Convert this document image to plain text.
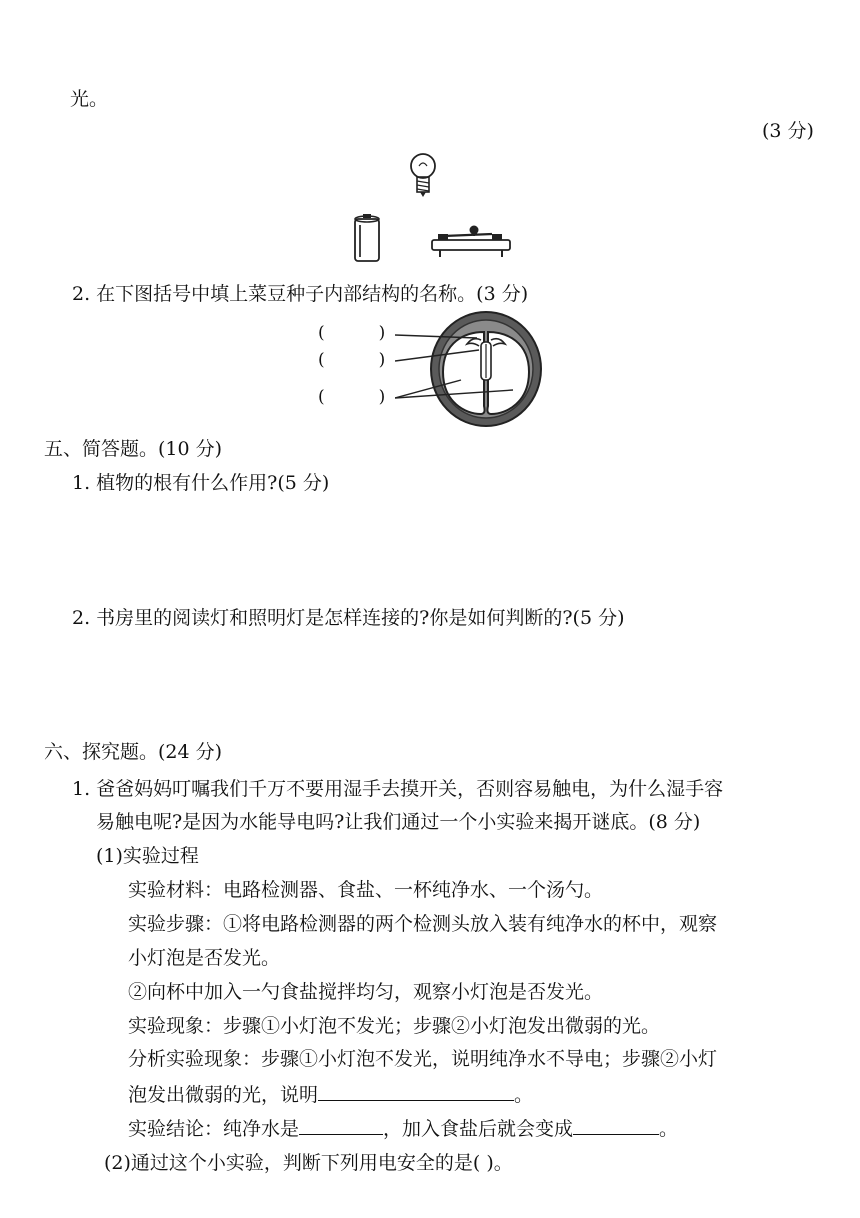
光。
(3 分)
2. 在下图括号中填上菜豆种子内部结构的名称。(3 分)
(          )
(          )
(          )
五、简答题。(10 分)
1. 植物的根有什么作用?(5 分)
2. 书房里的阅读灯和照明灯是怎样连接的?你是如何判断的?(5 分)
六、探究题。(24 分)
1. 爸爸妈妈叮嘱我们千万不要用湿手去摸开关，否则容易触电，为什么湿手容
易触电呢?是因为水能导电吗?让我们通过一个小实验来揭开谜底。(8 分)
(1)实验过程
实验材料：电路检测器、食盐、一杯纯净水、一个汤勺。
实验步骤：①将电路检测器的两个检测头放入装有纯净水的杯中，观察
小灯泡是否发光。
②向杯中加入一勺食盐搅拌均匀，观察小灯泡是否发光。
实验现象：步骤①小灯泡不发光；步骤②小灯泡发出微弱的光。
分析实验现象：步骤①小灯泡不发光，说明纯净水不导电；步骤②小灯
泡发出微弱的光，说明	。
实验结论：纯净水是	，加入食盐后就会变成	。
(2)通过这个小实验，判断下列用电安全的是( )。
